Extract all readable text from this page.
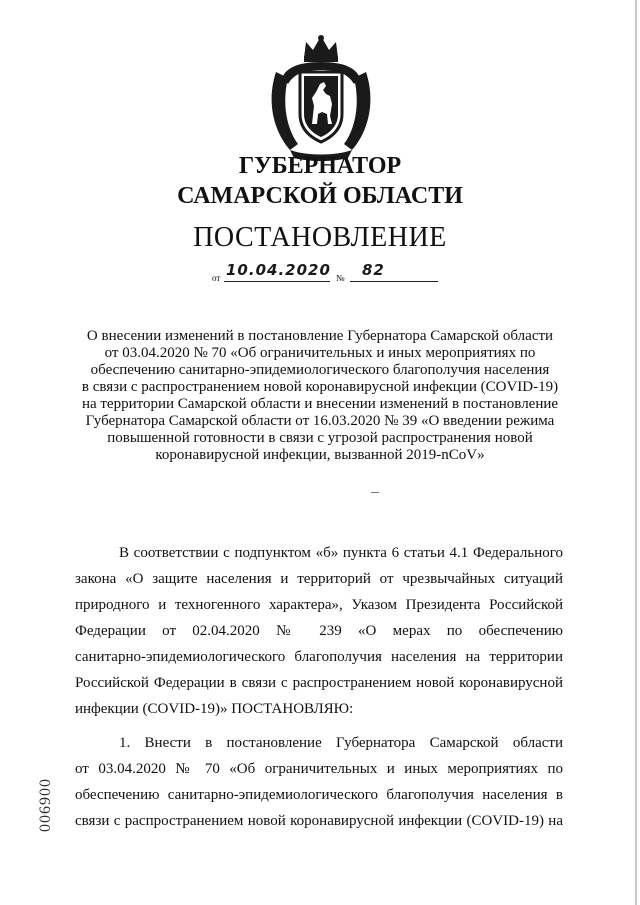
ГУБЕРНАТОР
САМАРСКОЙ ОБЛАСТИ
ПОСТАНОВЛЕНИЕ
от 10.04.2020 № 82
О внесении изменений в постановление Губернатора Самарской области
от 03.04.2020 № 70 «Об ограничительных и иных мероприятиях по
обеспечению санитарно-эпидемиологического благополучия населения
в связи с распространением новой коронавирусной инфекции (COVID-19)
на территории Самарской области и внесении изменений в постановление
Губернатора Самарской области от 16.03.2020 № 39 «О введении режима
повышенной готовности в связи с угрозой распространения новой
коронавирусной инфекции, вызванной 2019-nCoV»
В соответствии с подпунктом «б» пункта 6 статьи 4.1 Федерального
закона «О защите населения и территорий от чрезвычайных ситуаций
природного и техногенного характера», Указом Президента Российской
Федерации от 02.04.2020 № 239 «О мерах по обеспечению
санитарно-эпидемиологического благополучия населения на территории
Российской Федерации в связи с распространением новой коронавирусной
инфекции (COVID-19)» ПОСТАНОВЛЯЮ:
1. Внести в постановление Губернатора Самарской области
от 03.04.2020 № 70 «Об ограничительных и иных мероприятиях по
обеспечению санитарно-эпидемиологического благополучия населения в
связи с распространением новой коронавирусной инфекции (COVID-19) на
006900
